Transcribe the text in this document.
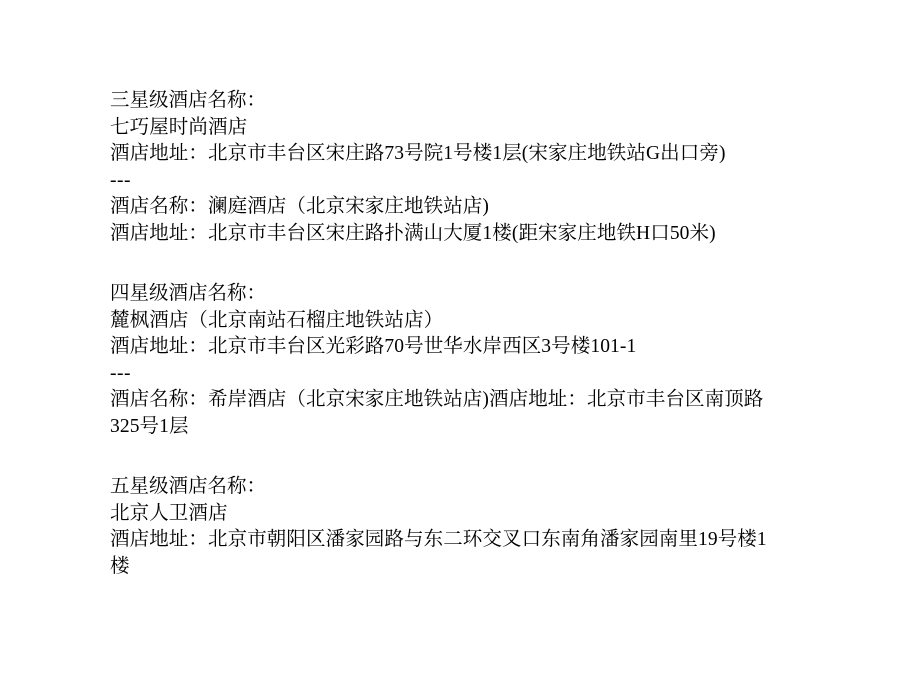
三星级酒店名称：
七巧屋时尚酒店
酒店地址：北京市丰台区宋庄路73号院1号楼1层(宋家庄地铁站G出口旁)
---
酒店名称：澜庭酒店（北京宋家庄地铁站店)
酒店地址：北京市丰台区宋庄路扑满山大厦1楼(距宋家庄地铁H口50米)
四星级酒店名称：
麓枫酒店（北京南站石榴庄地铁站店）
酒店地址：北京市丰台区光彩路70号世华水岸西区3号楼101-1
---
酒店名称：希岸酒店（北京宋家庄地铁站店)酒店地址：北京市丰台区南顶路
325号1层
五星级酒店名称：
北京人卫酒店
酒店地址：北京市朝阳区潘家园路与东二环交叉口东南角潘家园南里19号楼1
楼
